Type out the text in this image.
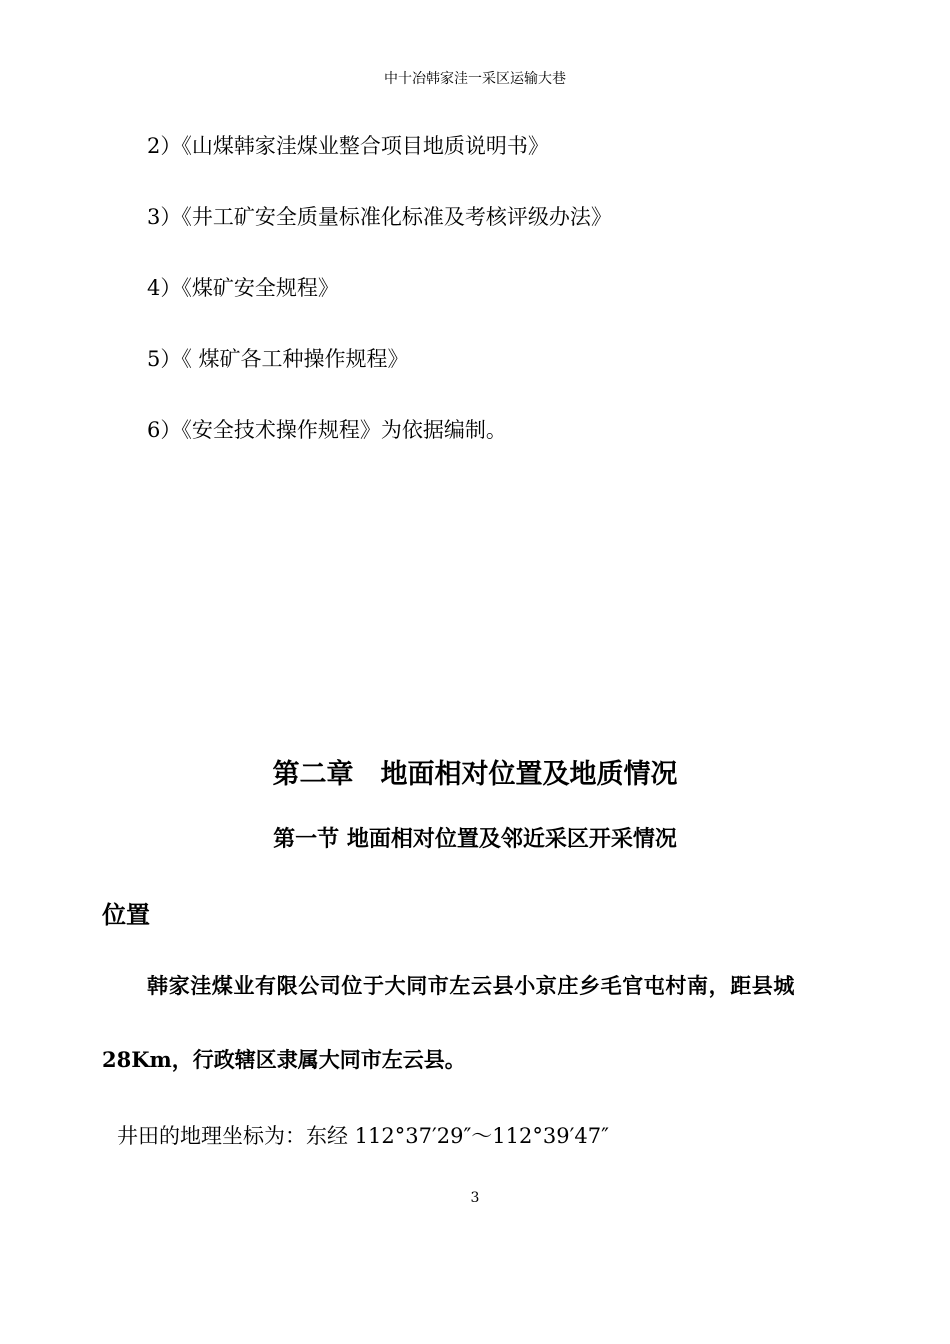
中十冶韩家洼一采区运输大巷
2）《山煤韩家洼煤业整合项目地质说明书》
3）《井工矿安全质量标准化标准及考核评级办法》
4）《煤矿安全规程》
5）《 煤矿各工种操作规程》
6）《安全技术操作规程》为依据编制。
第二章　地面相对位置及地质情况
第一节 地面相对位置及邻近采区开采情况
位置
韩家洼煤业有限公司位于大同市左云县小京庄乡毛官屯村南，距县城
28Km，行政辖区隶属大同市左云县。
井田的地理坐标为：东经 112°37′29″～112°39′47″
3
